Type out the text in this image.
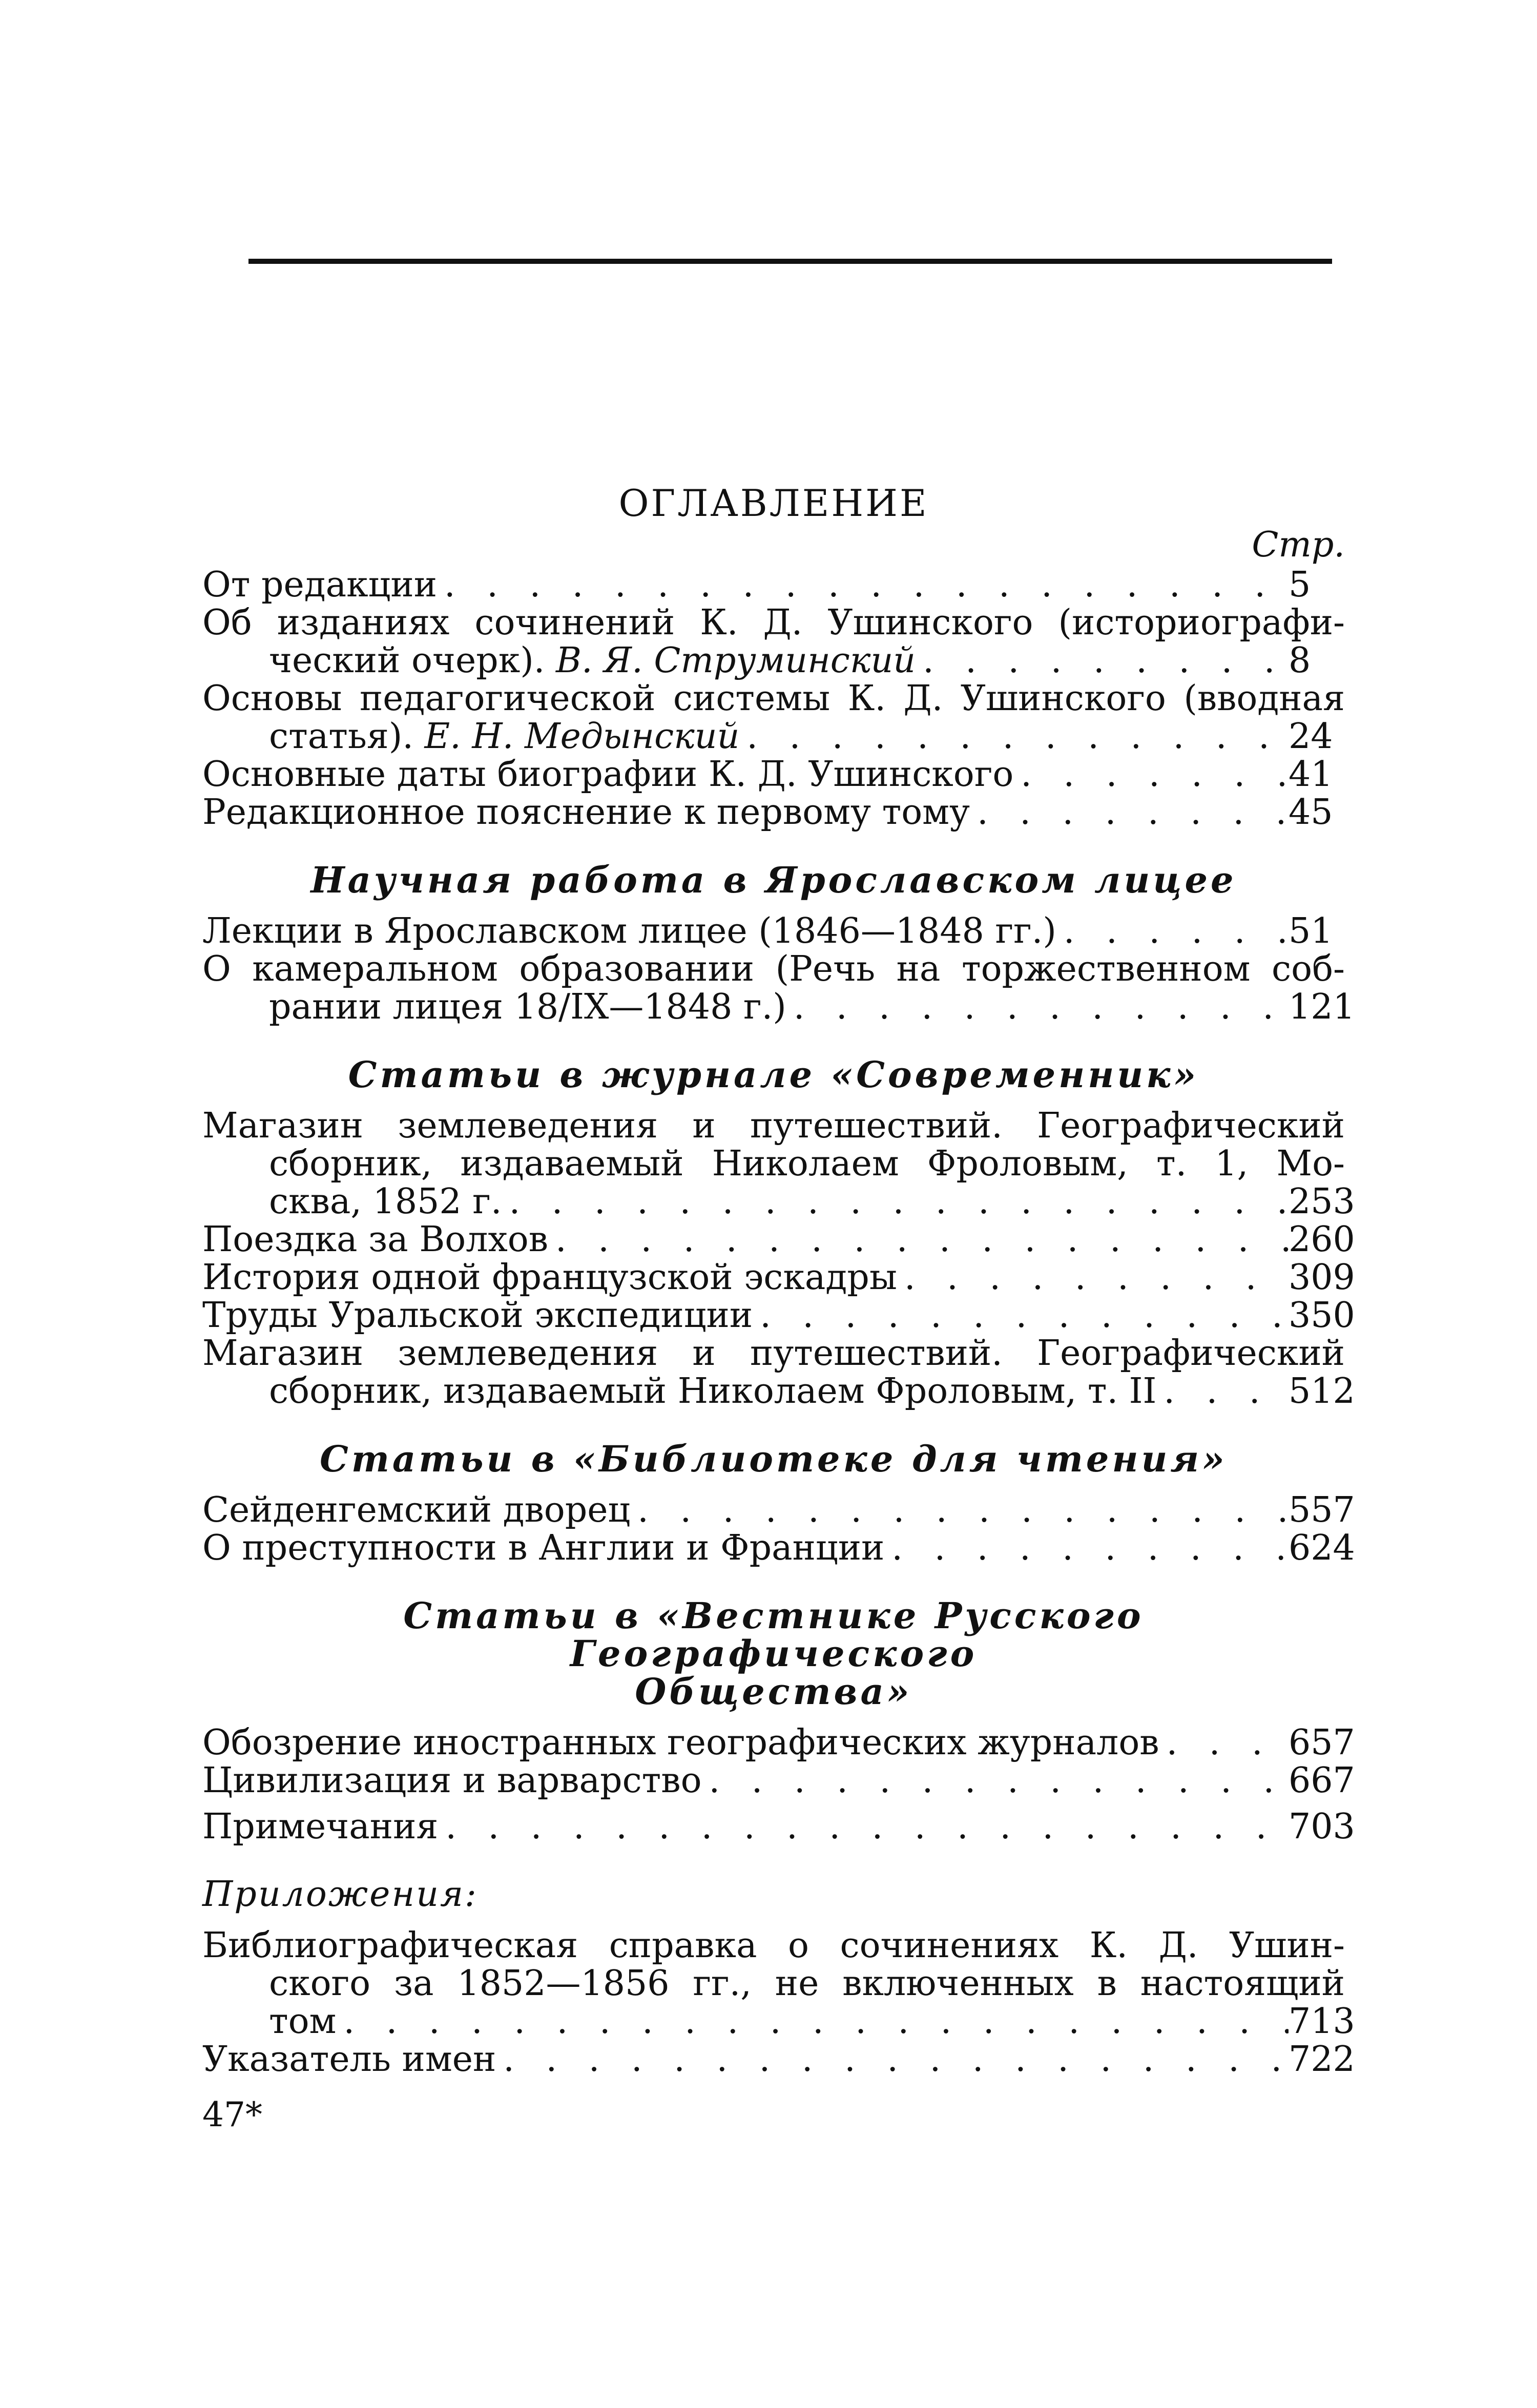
ОГЛАВЛЕНИЕ
Стр.
От редакции . . .	5
Об изданиях сочинений К. Д. Ушинского (историографи-
ческий очерк). В. Я. Струминский . . .	8
Основы педагогической системы К. Д. Ушинского (вводная
статья). Е. Н. Медынский . . .	24
Основные даты биографии К. Д. Ушинского . . .	41
Редакционное пояснение к первому тому . . .	45
Научная работа в Ярославском лицее
Лекции в Ярославском лицее (1846—1848 гг.) . . .	51
О камеральном образовании (Речь на торжественном соб-
рании лицея 18/IX—1848 г.) . . .	121
Статьи в журнале «Современник»
Магазин землеведения и путешествий. Географический
сборник, издаваемый Николаем Фроловым, т. 1, Мо-
сква, 1852 г. . . .	253
Поездка за Волхов . . .	260
История одной французской эскадры . . .	309
Труды Уральской экспедиции . . .	350
Магазин землеведения и путешествий. Географический
сборник, издаваемый Николаем Фроловым, т. II . . .	512
Статьи в «Библиотеке для чтения»
Сейденгемский дворец . . .	557
О преступности в Англии и Франции . . .	624
Статьи в «Вестнике Русского Географического
Общества»
Обозрение иностранных географических журналов . . .	657
Цивилизация и варварство . . .	667
Примечания . . .	703
Приложения:
Библиографическая справка о сочинениях К. Д. Ушин-
ского за 1852—1856 гг., не включенных в настоящий
том . . .	713
Указатель имен . . .	722
47*
